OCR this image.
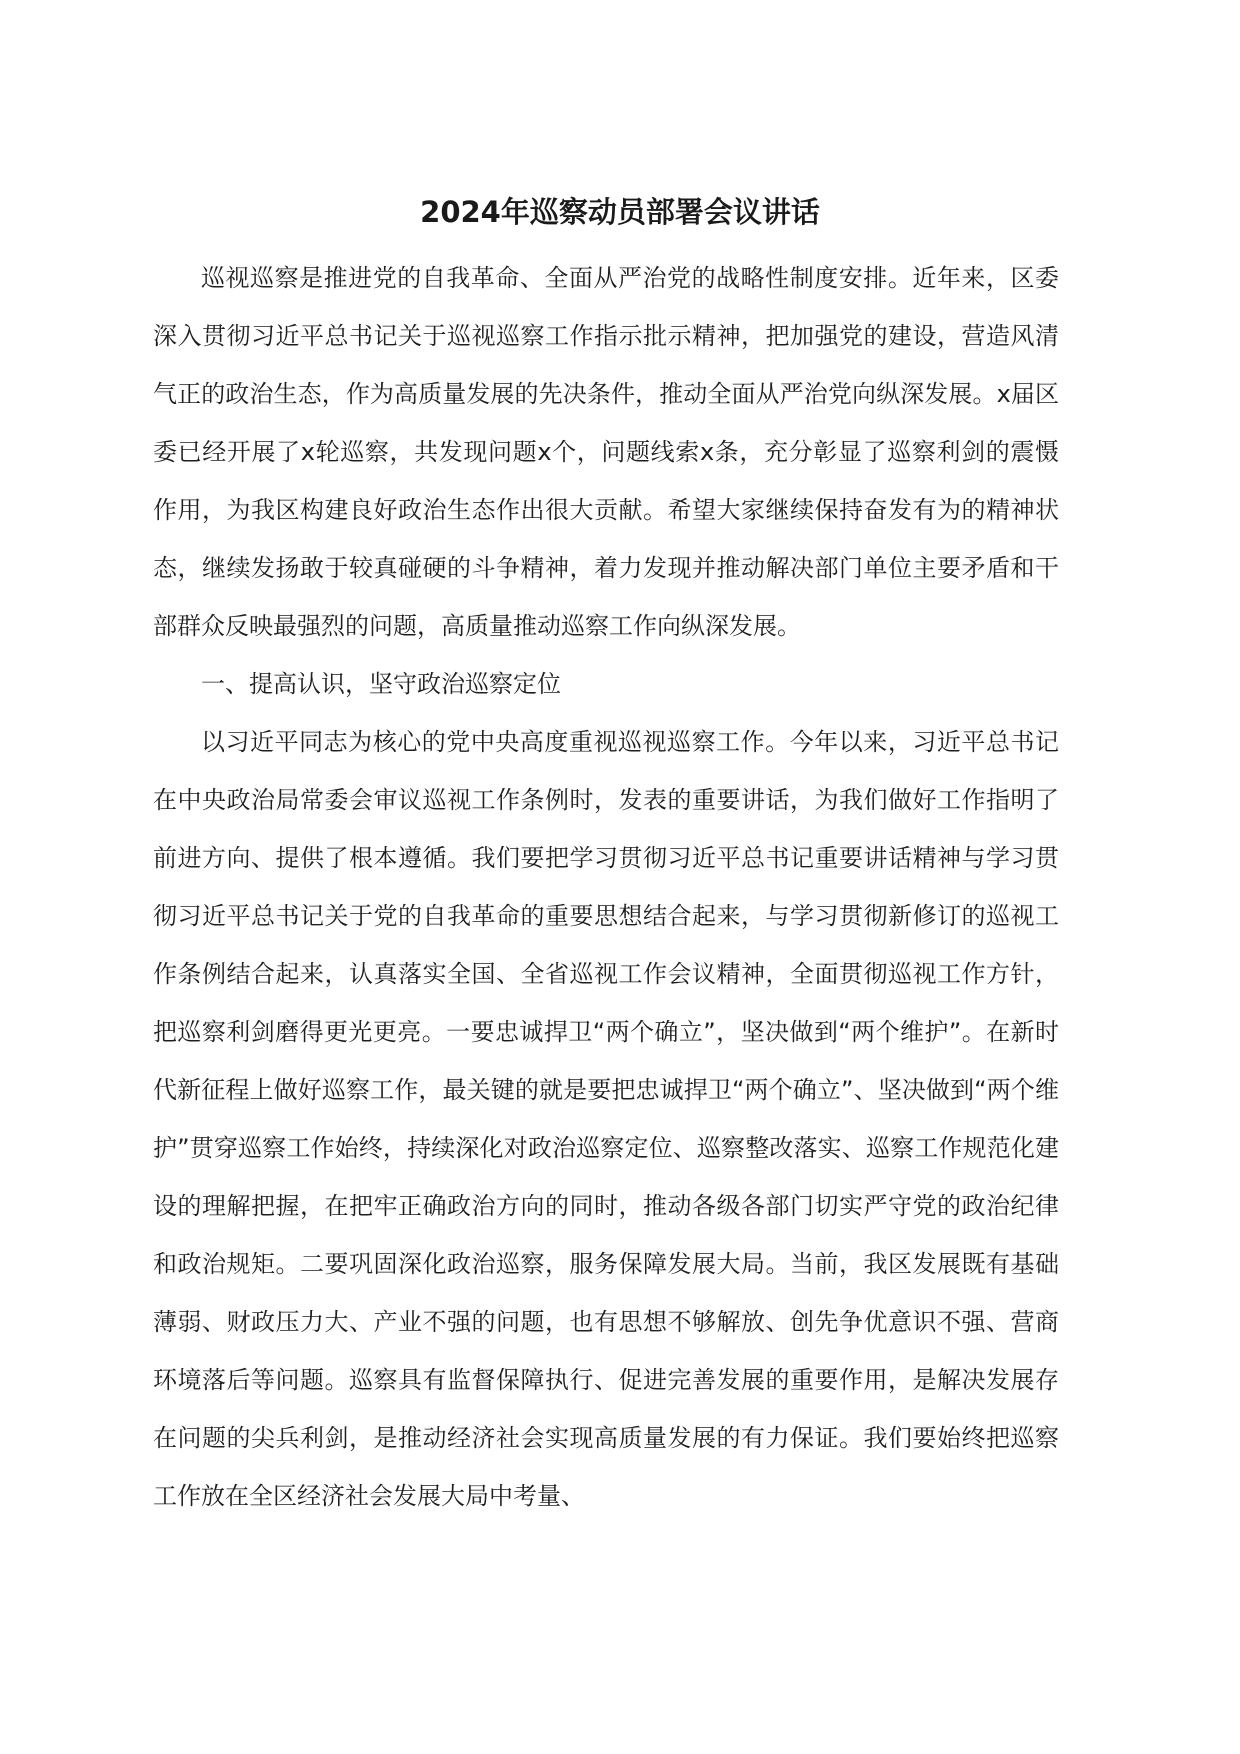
2024年巡察动员部署会议讲话

巡视巡察是推进党的自我革命、全面从严治党的战略性制度安排。近年来，区委深入贯彻习近平总书记关于巡视巡察工作指示批示精神，把加强党的建设，营造风清气正的政治生态，作为高质量发展的先决条件，推动全面从严治党向纵深发展。x届区委已经开展了x轮巡察，共发现问题x个，问题线索x条，充分彰显了巡察利剑的震慑作用，为我区构建良好政治生态作出很大贡献。希望大家继续保持奋发有为的精神状态，继续发扬敢于较真碰硬的斗争精神，着力发现并推动解决部门单位主要矛盾和干部群众反映最强烈的问题，高质量推动巡察工作向纵深发展。

一、提高认识，坚守政治巡察定位

以习近平同志为核心的党中央高度重视巡视巡察工作。今年以来，习近平总书记在中央政治局常委会审议巡视工作条例时，发表的重要讲话，为我们做好工作指明了前进方向、提供了根本遵循。我们要把学习贯彻习近平总书记重要讲话精神与学习贯彻习近平总书记关于党的自我革命的重要思想结合起来，与学习贯彻新修订的巡视工作条例结合起来，认真落实全国、全省巡视工作会议精神，全面贯彻巡视工作方针，把巡察利剑磨得更光更亮。一要忠诚捍卫“两个确立”，坚决做到“两个维护”。在新时代新征程上做好巡察工作，最关键的就是要把忠诚捍卫“两个确立”、坚决做到“两个维护”贯穿巡察工作始终，持续深化对政治巡察定位、巡察整改落实、巡察工作规范化建设的理解把握，在把牢正确政治方向的同时，推动各级各部门切实严守党的政治纪律和政治规矩。二要巩固深化政治巡察，服务保障发展大局。当前，我区发展既有基础薄弱、财政压力大、产业不强的问题，也有思想不够解放、创先争优意识不强、营商环境落后等问题。巡察具有监督保障执行、促进完善发展的重要作用，是解决发展存在问题的尖兵利剑，是推动经济社会实现高质量发展的有力保证。我们要始终把巡察工作放在全区经济社会发展大局中考量、
